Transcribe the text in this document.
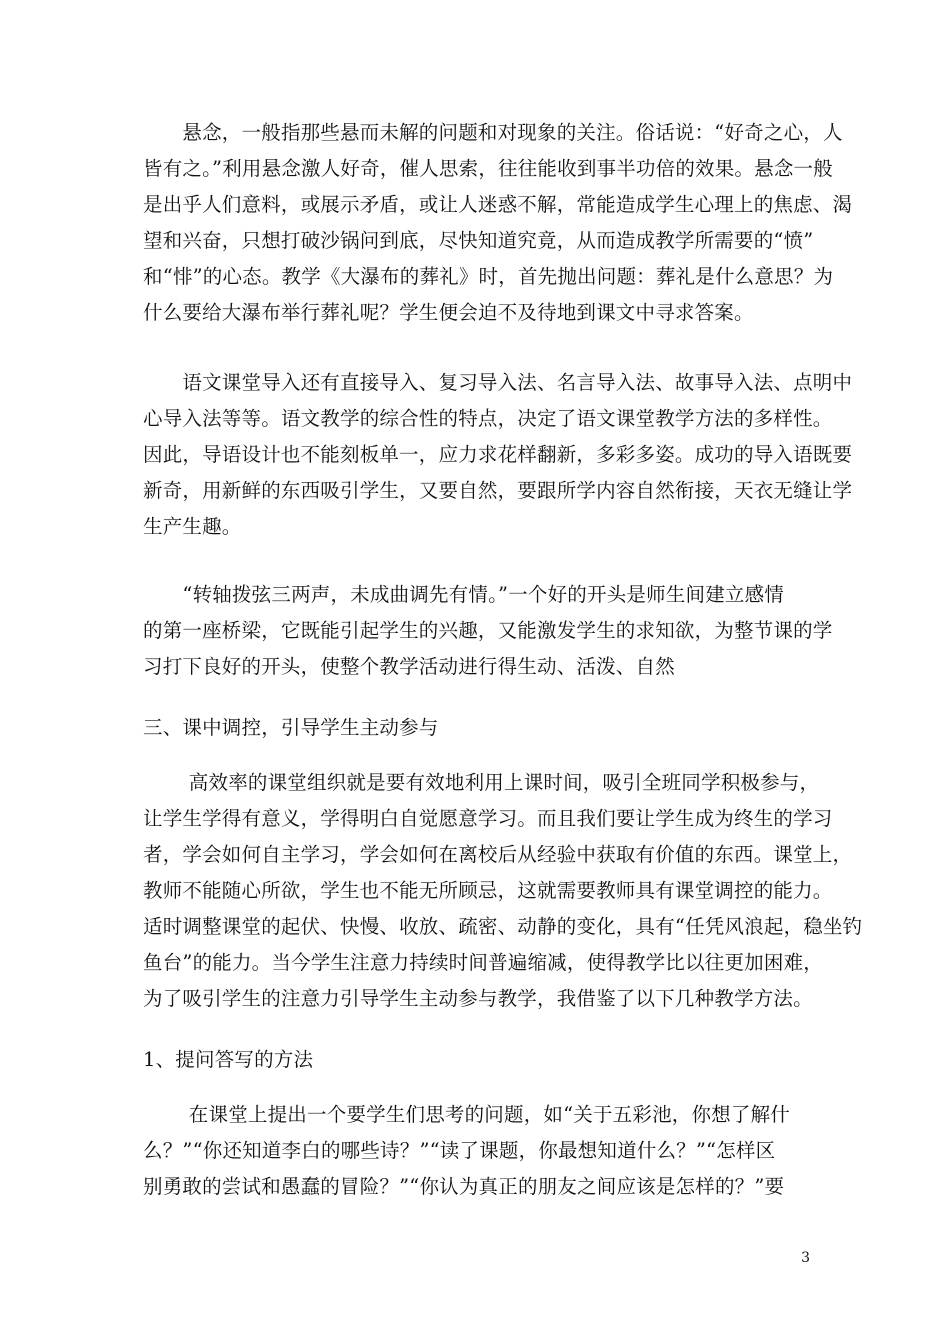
　　悬念，一般指那些悬而未解的问题和对现象的关注。俗话说：“好奇之心，人
皆有之。”利用悬念激人好奇，催人思索，往往能收到事半功倍的效果。悬念一般
是出乎人们意料，或展示矛盾，或让人迷惑不解，常能造成学生心理上的焦虑、渴
望和兴奋，只想打破沙锅问到底，尽快知道究竟，从而造成教学所需要的“愤”
和“悱”的心态。教学《大瀑布的葬礼》时，首先抛出问题：葬礼是什么意思？为
什么要给大瀑布举行葬礼呢？学生便会迫不及待地到课文中寻求答案。
　　语文课堂导入还有直接导入、复习导入法、名言导入法、故事导入法、点明中
心导入法等等。语文教学的综合性的特点，决定了语文课堂教学方法的多样性。
因此，导语设计也不能刻板单一，应力求花样翻新，多彩多姿。成功的导入语既要
新奇，用新鲜的东西吸引学生，又要自然，要跟所学内容自然衔接，天衣无缝让学
生产生趣。
　　“转轴拨弦三两声，未成曲调先有情。”一个好的开头是师生间建立感情
的第一座桥梁，它既能引起学生的兴趣，又能激发学生的求知欲，为整节课的学
习打下良好的开头，使整个教学活动进行得生动、活泼、自然
三、课中调控，引导学生主动参与
　　 高效率的课堂组织就是要有效地利用上课时间，吸引全班同学积极参与，
让学生学得有意义，学得明白自觉愿意学习。而且我们要让学生成为终生的学习
者，学会如何自主学习，学会如何在离校后从经验中获取有价值的东西。课堂上，
教师不能随心所欲，学生也不能无所顾忌，这就需要教师具有课堂调控的能力。
适时调整课堂的起伏、快慢、收放、疏密、动静的变化，具有“任凭风浪起，稳坐钓
鱼台”的能力。当今学生注意力持续时间普遍缩减，使得教学比以往更加困难，
为了吸引学生的注意力引导学生主动参与教学，我借鉴了以下几种教学方法。
1、提问答写的方法
　　 在课堂上提出一个要学生们思考的问题，如“关于五彩池，你想了解什
么？”“你还知道李白的哪些诗？”“读了课题，你最想知道什么？”“怎样区
别勇敢的尝试和愚蠢的冒险？”“你认为真正的朋友之间应该是怎样的？”要
3
